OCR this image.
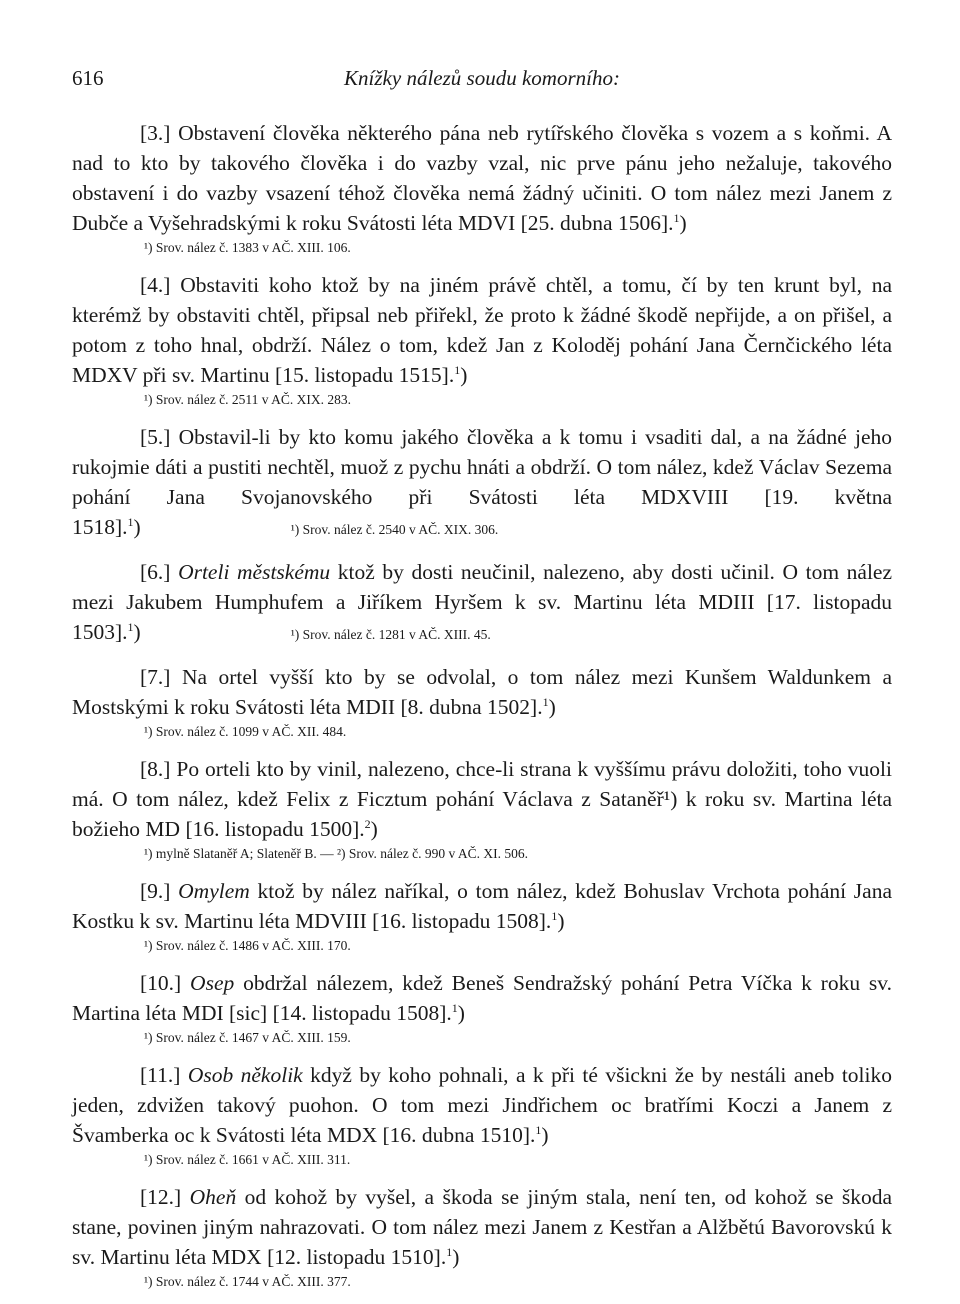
616	Knížky nálezů soudu komorního:

[3.] Obstavení člověka některého pána neb rytířského člověka s vozem a s koňmi. A nad to kto by takového člověka i do vazby vzal, nic prve pánu jeho nežaluje, takového obstavení i do vazby vsazení téhož člověka nemá žádný učiniti. O tom nález mezi Janem z Dubče a Vyšehradskými k roku Svátosti léta MDVI [25. dubna 1506].$^1$)

¹) Srov. nález č. 1383 v AČ. XIII. 106.

[4.] Obstaviti koho ktož by na jiném právě chtěl, a tomu, čí by ten krunt byl, na kterémž by obstaviti chtěl, připsal neb přiřekl, že proto k žádné škodě nepřijde, a on přišel, a potom z toho hnal, obdrží. Nález o tom, kdež Jan z Koloděj pohání Jana Černčického léta MDXV při sv. Martinu [15. listopadu 1515].$^1$)

¹) Srov. nález č. 2511 v AČ. XIX. 283.

[5.] Obstavil-li by kto komu jakého člověka a k tomu i vsaditi dal, a na žádné jeho rukojmie dáti a pustiti nechtěl, muož z pychu hnáti a obdrží. O tom nález, kdež Václav Sezema pohání Jana Svojanovského při Svátosti léta MDXVIII [19. května 1518].$^1$)	¹) Srov. nález č. 2540 v AČ. XIX. 306.

[6.] Orteli městskému ktož by dosti neučinil, nalezeno, aby dosti učinil. O tom nález mezi Jakubem Humphufem a Jiříkem Hyršem k sv. Martinu léta MDIII [17. listopadu 1503].$^1$)	¹) Srov. nález č. 1281 v AČ. XIII. 45.

[7.] Na ortel vyšší kto by se odvolal, o tom nález mezi Kunšem Waldunkem a Mostskými k roku Svátosti léta MDII [8. dubna 1502].$^1$)

¹) Srov. nález č. 1099 v AČ. XII. 484.

[8.] Po orteli kto by vinil, nalezeno, chce-li strana k vyššímu právu doložiti, toho vuoli má. O tom nález, kdež Felix z Ficztum pohání Václava z Sataněř¹) k roku sv. Martina léta božieho MD [16. listopadu 1500].$^2$)

¹) mylně Slataněř A; Slateněř B. — ²) Srov. nález č. 990 v AČ. XI. 506.

[9.] Omylem ktož by nález naříkal, o tom nález, kdež Bohuslav Vrchota pohání Jana Kostku k sv. Martinu léta MDVIII [16. listopadu 1508].$^1$)

¹) Srov. nález č. 1486 v AČ. XIII. 170.

[10.] Osep obdržal nálezem, kdež Beneš Sendražský pohání Petra Víčka k roku sv. Martina léta MDI [sic] [14. listopadu 1508].$^1$)

¹) Srov. nález č. 1467 v AČ. XIII. 159.

[11.] Osob několik když by koho pohnali, a k při té všickni že by nestáli aneb toliko jeden, zdvižen takový puohon. O tom mezi Jindřichem oc bratřími Koczi a Janem z Švamberka oc k Svátosti léta MDX [16. dubna 1510].$^1$)

¹) Srov. nález č. 1661 v AČ. XIII. 311.

[12.] Oheň od kohož by vyšel, a škoda se jiným stala, není ten, od kohož se škoda stane, povinen jiným nahrazovati. O tom nález mezi Janem z Kestřan a Alžbětú Bavorovskú k sv. Martinu léta MDX [12. listopadu 1510].$^1$)

¹) Srov. nález č. 1744 v AČ. XIII. 377.
